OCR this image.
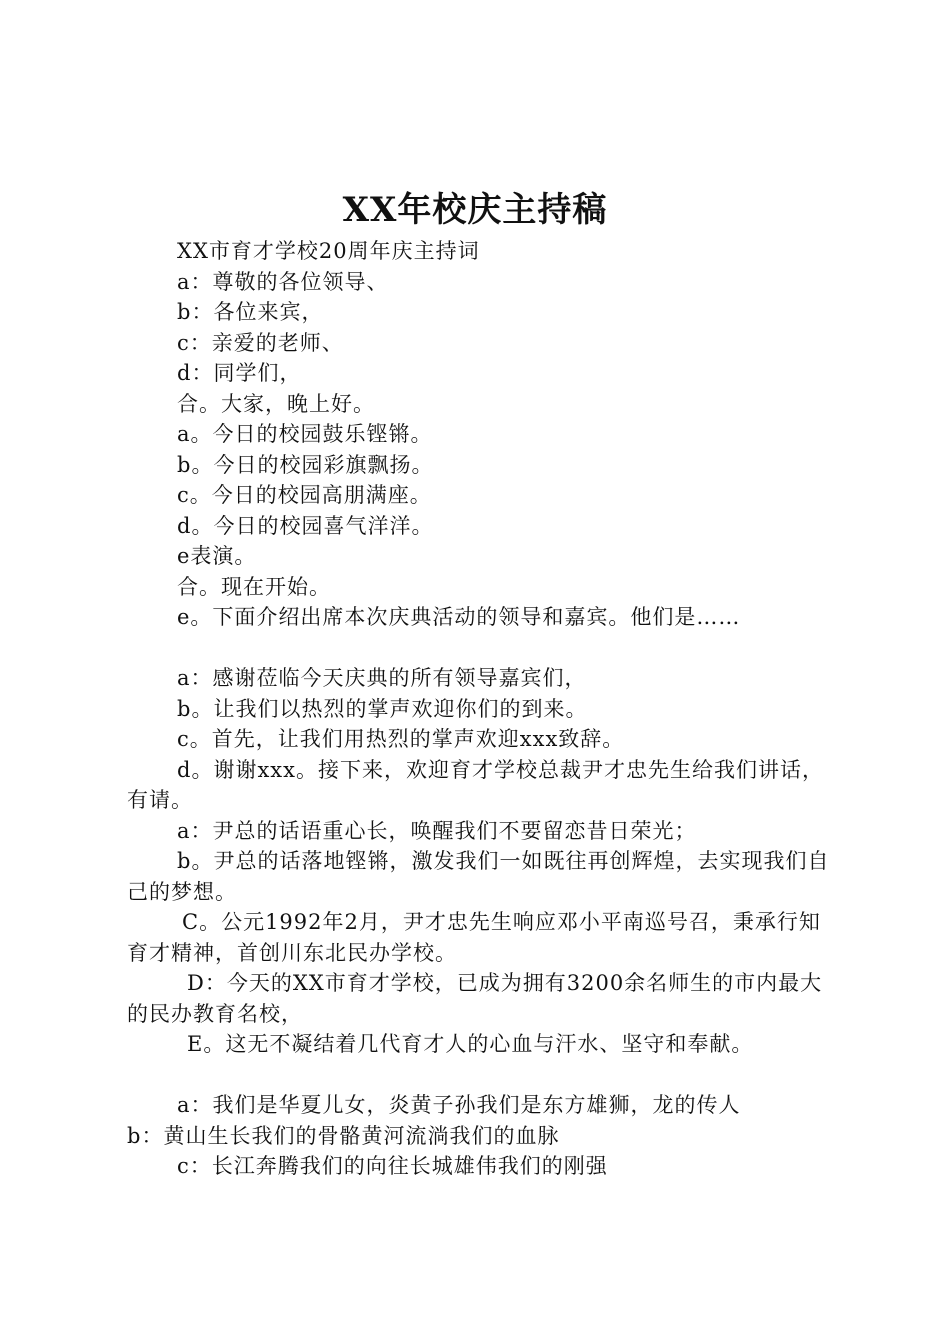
XX年校庆主持稿

XX市育才学校20周年庆主持词

a：尊敬的各位领导、

b：各位来宾，

c：亲爱的老师、

d：同学们，

合。大家，晚上好。

a。今日的校园鼓乐铿锵。

b。今日的校园彩旗飘扬。

c。今日的校园高朋满座。

d。今日的校园喜气洋洋。

e表演。

合。现在开始。

e。下面介绍出席本次庆典活动的领导和嘉宾。他们是……

a：感谢莅临今天庆典的所有领导嘉宾们，

b。让我们以热烈的掌声欢迎你们的到来。

c。首先，让我们用热烈的掌声欢迎xxx致辞。

d。谢谢xxx。接下来，欢迎育才学校总裁尹才忠先生给我们讲话，有请。

a：尹总的话语重心长，唤醒我们不要留恋昔日荣光；

b。尹总的话落地铿锵，激发我们一如既往再创辉煌，去实现我们自己的梦想。

C。公元1992年2月，尹才忠先生响应邓小平南巡号召，秉承行知育才精神，首创川东北民办学校。

D：今天的XX市育才学校，已成为拥有3200余名师生的市内最大的民办教育名校，

E。这无不凝结着几代育才人的心血与汗水、坚守和奉献。

a：我们是华夏儿女，炎黄子孙我们是东方雄狮，龙的传人

b：黄山生长我们的骨骼黄河流淌我们的血脉

c：长江奔腾我们的向往长城雄伟我们的刚强
